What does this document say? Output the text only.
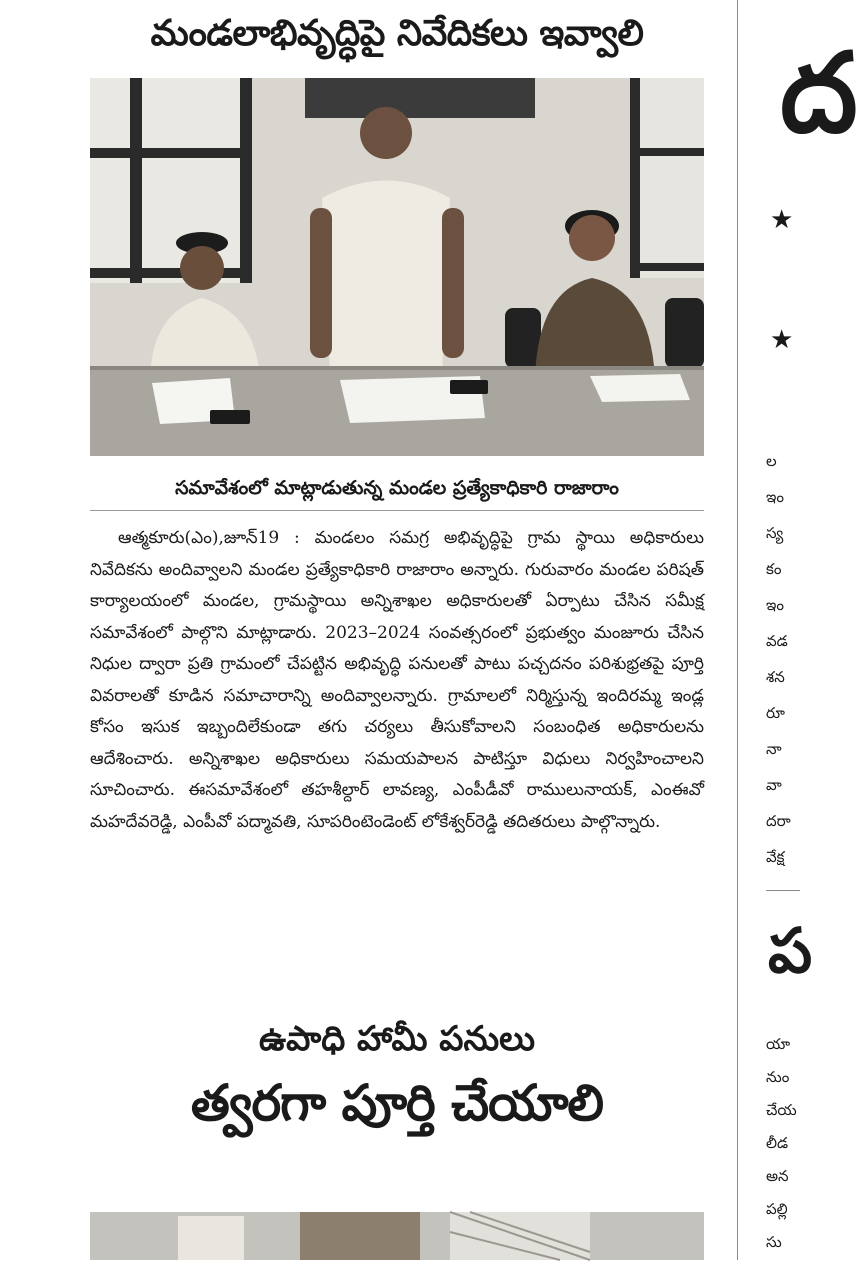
మండలాభివృద్ధిపై నివేదికలు ఇవ్వాలి
సమావేశంలో మాట్లాడుతున్న మండల ప్రత్యేకాధికారి రాజారాం
ఆత్మకూరు(ఎం),జూన్19 : మండలం సమగ్ర అభివృద్ధిపై గ్రామ స్థాయి అధికారులు నివేదికను అందివ్వాలని మండల ప్రత్యేకాధికారి రాజారాం అన్నారు. గురువారం మండల పరిషత్ కార్యాలయంలో మండల, గ్రామస్థాయి అన్నిశాఖల అధికారులతో ఏర్పాటు చేసిన సమీక్ష సమావేశంలో పాల్గొని మాట్లాడారు. 2023–2024 సంవత్సరంలో ప్రభుత్వం మంజూరు చేసిన నిధుల ద్వారా ప్రతి గ్రామంలో చేపట్టిన అభివృద్ధి పనులతో పాటు పచ్చదనం పరిశుభ్రతపై పూర్తి వివరాలతో కూడిన సమాచారాన్ని అందివ్వాలన్నారు. గ్రామాలలో నిర్మిస్తున్న ఇందిరమ్మ ఇండ్ల కోసం ఇసుక ఇబ్బందిలేకుండా తగు చర్యలు తీసుకోవాలని సంబంధిత అధికారులను ఆదేశించారు. అన్నిశాఖల అధికారులు సమయపాలన పాటిస్తూ విధులు నిర్వహించాలని సూచించారు. ఈసమావేశంలో తహశీల్దార్ లావణ్య, ఎంపీడీవో రాములునాయక్, ఎంఈవో మహదేవరెడ్డి, ఎంపీవో పద్మావతి, సూపరింటెండెంట్ లోకేశ్వర్‌రెడ్డి తదితరులు పాల్గొన్నారు.
ఉపాధి హామీ పనులు
త్వరగా పూర్తి చేయాలి
ద
★
★
ల
ఇం
స్య
కం
ఇం
వడ
శన
రూ
నా
వా
దరా
వేక్ష
ప
యా
నుం
చేయ
లీడ
అన
పల్లి
సు
